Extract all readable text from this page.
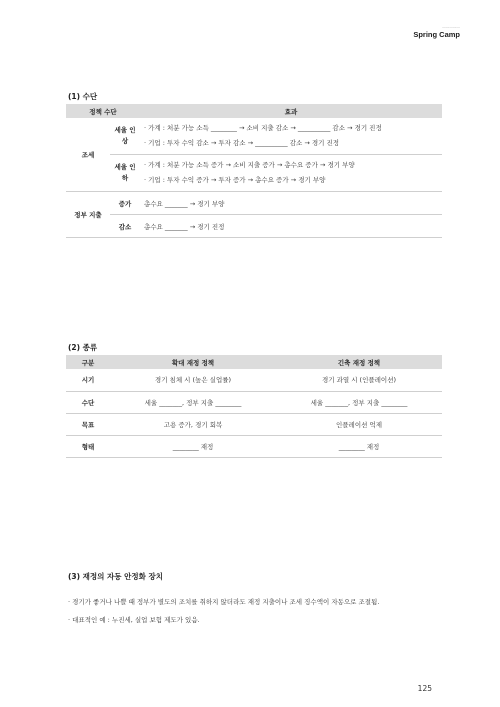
ㅡㅡㅡㅡㅡ
Spring Camp
(1) 수단
정책 수단		효과
조세	세율 인상	· 가계 : 처분 가능 소득 ________ → 소비 지출 감소 → __________ 감소 → 경기 진정
· 기업 : 투자 수익 감소 → 투자 감소 → __________ 감소 → 경기 진정

	세율 인하	· 가계 : 처분 가능 소득 증가 → 소비 지출 증가 → 총수요 증가 → 경기 부양
· 기업 : 투자 수익 증가 → 투자 증가 → 총수요 증가 → 경기 부양

정부 지출	증가	총수요 _______ → 경기 부양
	감소	총수요 _______ → 경기 진정
(2) 종류
구분	확대 재정 정책	긴축 재정 정책
시기	경기 침체 시 (높은 실업률)	경기 과열 시 (인플레이션)
수단	세율 _______, 정부 지출 ________	세율 _______, 정부 지출 ________
목표	고용 증가, 경기 회복	인플레이션 억제
형태	________ 재정	________ 재정
(3) 재정의 자동 안정화 장치
· 경기가 좋거나 나쁠 때 정부가 별도의 조치를 취하지 않더라도 재정 지출이나 조세 징수액이 자동으로 조절됨.
· 대표적인 예 : 누진세, 실업 보험 제도가 있음.
125
